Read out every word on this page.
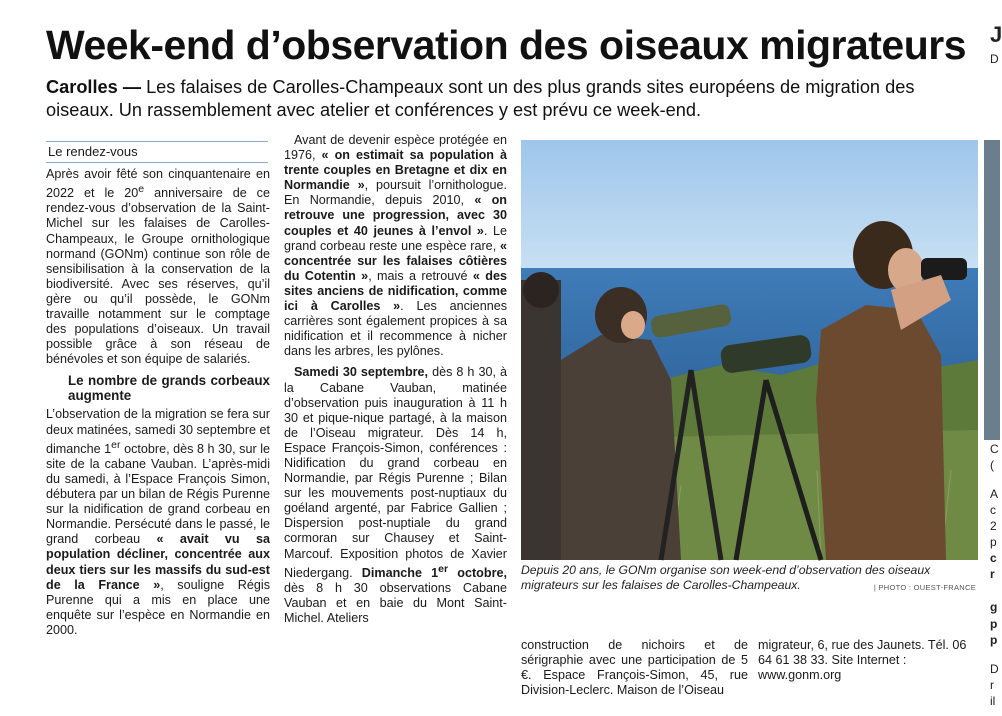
Week-end d’observation des oiseaux migrateurs

Carolles — Les falaises de Carolles-Champeaux sont un des plus grands sites européens de migration des oiseaux. Un rassemblement avec atelier et conférences y est prévu ce week-end.

Le rendez-vous

Après avoir fêté son cinquantenaire en 2022 et le 20e anniversaire de ce rendez-vous d’observation de la Saint-Michel sur les falaises de Carolles-Champeaux, le Groupe ornithologique normand (GONm) continue son rôle de sensibilisation à la conservation de la biodiversité. Avec ses réserves, qu’il gère ou qu’il possède, le GONm travaille notamment sur le comptage des populations d’oiseaux. Un travail possible grâce à son réseau de bénévoles et son équipe de salariés.

Le nombre de grands corbeaux augmente

L’observation de la migration se fera sur deux matinées, samedi 30 septembre et dimanche 1er octobre, dès 8 h 30, sur le site de la cabane Vauban. L’après-midi du samedi, à l’Espace François Simon, débutera par un bilan de Régis Purenne sur la nidification de grand corbeau en Normandie. Persécuté dans le passé, le grand corbeau « avait vu sa population décliner, concentrée aux deux tiers sur les massifs du sud-est de la France », souligne Régis Purenne qui a mis en place une enquête sur l’espèce en Normandie en 2000.

Avant de devenir espèce protégée en 1976, « on estimait sa population à trente couples en Bretagne et dix en Normandie », poursuit l’ornithologue. En Normandie, depuis 2010, « on retrouve une progression, avec 30 couples et 40 jeunes à l’envol ». Le grand corbeau reste une espèce rare, « concentrée sur les falaises côtières du Cotentin », mais a retrouvé « des sites anciens de nidification, comme ici à Carolles ». Les anciennes carrières sont également propices à sa nidification et il recommence à nicher dans les arbres, les pylônes.

Samedi 30 septembre, dès 8 h 30, à la Cabane Vauban, matinée d’observation puis inauguration à 11 h 30 et pique-nique partagé, à la maison de l’Oiseau migrateur. Dès 14 h, Espace François-Simon, conférences : Nidification du grand corbeau en Normandie, par Régis Purenne ; Bilan sur les mouvements post-nuptiaux du goéland argenté, par Fabrice Gallien ; Dispersion post-nuptiale du grand cormoran sur Chausey et Saint-Marcouf. Exposition photos de Xavier Niedergang. Dimanche 1er octobre, dès 8 h 30 observations Cabane Vauban et en baie du Mont Saint-Michel. Ateliers

Depuis 20 ans, le GONm organise son week-end d’observation des oiseaux migrateurs sur les falaises de Carolles-Champeaux.	| PHOTO : OUEST-FRANCE
construction de nichoirs et de sérigraphie avec une participation de 5 €. Espace François-Simon, 45, rue Division-Leclerc. Maison de l’Oiseau
migrateur, 6, rue des Jaunets. Tél. 06 64 61 38 33. Site Internet : www.gonm.org
J
D
C
(
A
c
2
p
c
r
g
p
p
D
r
il
